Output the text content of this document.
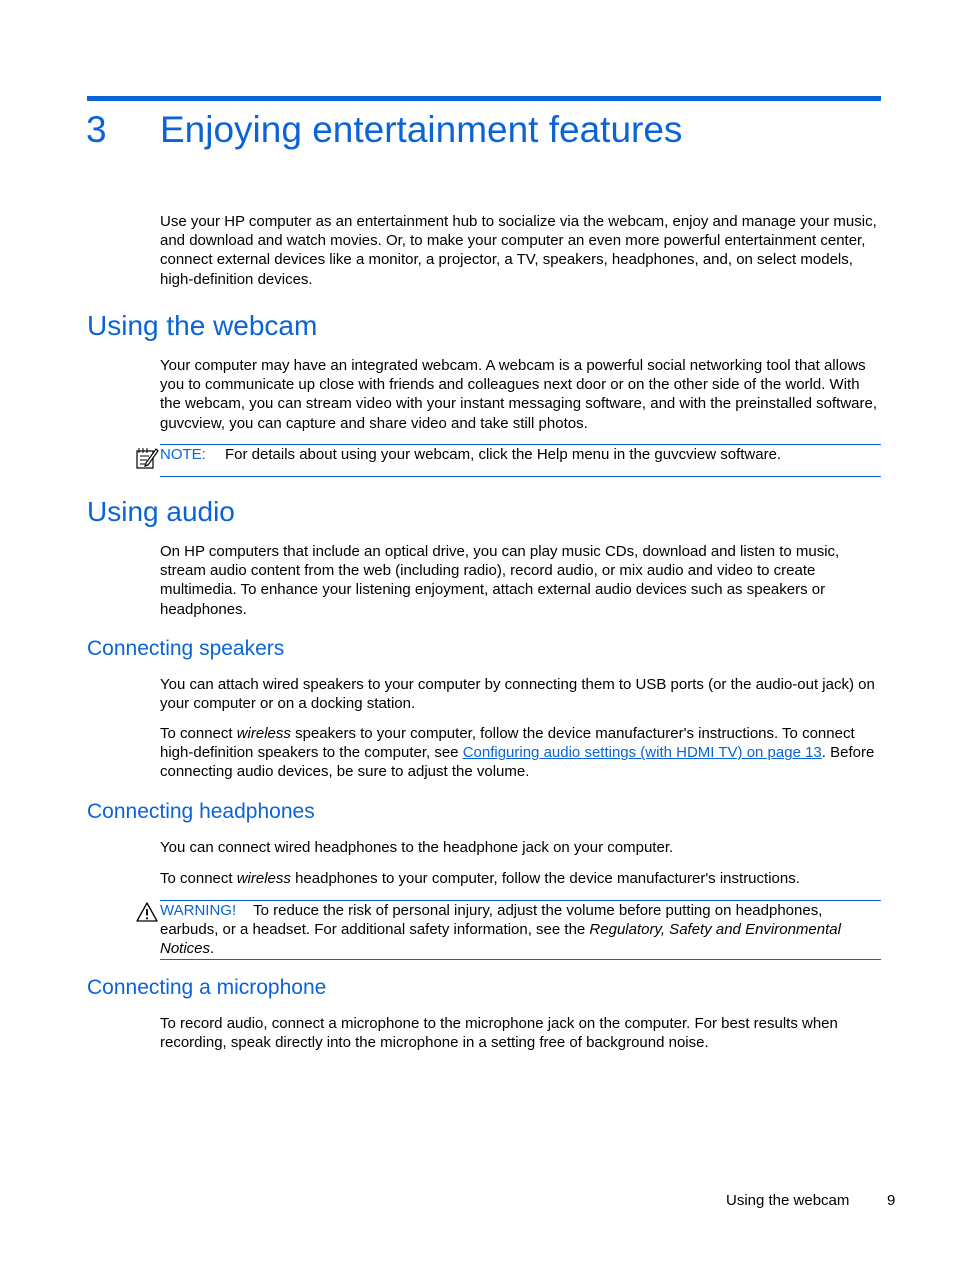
3 Enjoying entertainment features

Use your HP computer as an entertainment hub to socialize via the webcam, enjoy and manage your music, and download and watch movies. Or, to make your computer an even more powerful entertainment center, connect external devices like a monitor, a projector, a TV, speakers, headphones, and, on select models, high-definition devices.

Using the webcam

Your computer may have an integrated webcam. A webcam is a powerful social networking tool that allows you to communicate up close with friends and colleagues next door or on the other side of the world. With the webcam, you can stream video with your instant messaging software, and with the preinstalled software, guvcview, you can capture and share video and take still photos.

NOTE: For details about using your webcam, click the Help menu in the guvcview software.
Using audio

On HP computers that include an optical drive, you can play music CDs, download and listen to music, stream audio content from the web (including radio), record audio, or mix audio and video to create multimedia. To enhance your listening enjoyment, attach external audio devices such as speakers or headphones.

Connecting speakers

You can attach wired speakers to your computer by connecting them to USB ports (or the audio-out jack) on your computer or on a docking station.

To connect wireless speakers to your computer, follow the device manufacturer's instructions. To connect high-definition speakers to the computer, see Configuring audio settings (with HDMI TV) on page 13. Before connecting audio devices, be sure to adjust the volume.

Connecting headphones

You can connect wired headphones to the headphone jack on your computer.

To connect wireless headphones to your computer, follow the device manufacturer's instructions.

WARNING! To reduce the risk of personal injury, adjust the volume before putting on headphones, earbuds, or a headset. For additional safety information, see the Regulatory, Safety and Environmental Notices.
Connecting a microphone

To record audio, connect a microphone to the microphone jack on the computer. For best results when recording, speak directly into the microphone in a setting free of background noise.

Using the webcam	9
